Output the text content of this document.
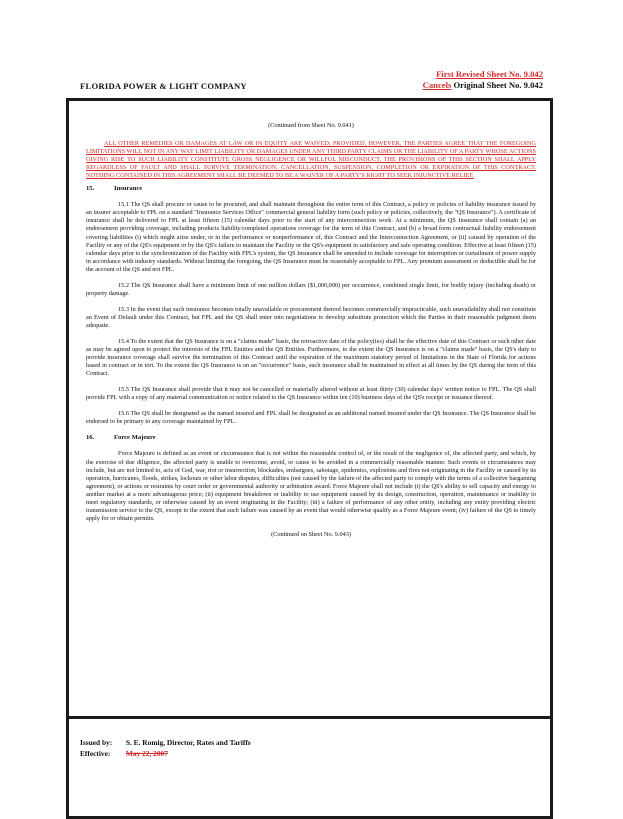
FLORIDA POWER & LIGHT COMPANY
First Revised Sheet No. 9.042
Cancels Original Sheet No. 9.042

(Continued from Sheet No. 9.041)

ALL OTHER REMEDIES OR DAMAGES AT LAW OR IN EQUITY ARE WAIVED; PROVIDED, HOWEVER, THE PARTIES AGREE THAT THE FOREGOING LIMITATIONS WILL NOT IN ANY WAY LIMIT LIABILITY OR DAMAGES UNDER ANY THIRD PARTY CLAIMS OR THE LIABILITY OF A PARTY WHOSE ACTIONS GIVING RISE TO SUCH LIABILITY CONSTITUTE GROSS NEGLIGENCE OR WILLFUL MISCONDUCT. THE PROVISIONS OF THIS SECTION SHALL APPLY REGARDLESS OF FAULT AND SHALL SURVIVE TERMINATION, CANCELLATION, SUSPENSION, COMPLETION OR EXPIRATION OF THIS CONTRACT. NOTHING CONTAINED IN THIS AGREEMENT SHALL BE DEEMED TO BE A WAIVER OF A PARTY'S RIGHT TO SEEK INJUNCTIVE RELIEF.

15.	Insurance

15.1 The QS shall procure or cause to be procured, and shall maintain throughout the entire term of this Contract, a policy or policies of liability insurance issued by an insurer acceptable to FPL on a standard "Insurance Services Office" commercial general liability form (such policy or policies, collectively, the "QS Insurance"). A certificate of insurance shall be delivered to FPL at least fifteen (15) calendar days prior to the start of any interconnection work. At a minimum, the QS Insurance shall contain (a) an endorsement providing coverage, including products liability/completed operations coverage for the term of this Contract, and (b) a broad form contractual liability endorsement covering liabilities (i) which might arise under, or in the performance or nonperformance of, this Contract and the Interconnection Agreement, or (ii) caused by operation of the Facility or any of the QS's equipment or by the QS's failure to maintain the Facility or the QS's equipment in satisfactory and safe operating condition. Effective at least fifteen (15) calendar days prior to the synchronization of the Facility with FPL's system, the QS Insurance shall be amended to include coverage for interruption or curtailment of power supply in accordance with industry standards. Without limiting the foregoing, the QS Insurance must be reasonably acceptable to FPL. Any premium assessment or deductible shall be for the account of the QS and not FPL.

15.2 The QS Insurance shall have a minimum limit of one million dollars ($1,000,000) per occurrence, combined single limit, for bodily injury (including death) or property damage.

15.3 In the event that such insurance becomes totally unavailable or procurement thereof becomes commercially impracticable, such unavailability shall not constitute an Event of Default under this Contract, but FPL and the QS shall enter into negotiations to develop substitute protection which the Parties in their reasonable judgment deem adequate.

15.4 To the extent that the QS Insurance is on a "claims made" basis, the retroactive date of the policy(ies) shall be the effective date of this Contract or such other date as may be agreed upon to protect the interests of the FPL Entities and the QS Entities. Furthermore, to the extent the QS Insurance is on a "claims made" basis, the QS's duty to provide insurance coverage shall survive the termination of this Contract until the expiration of the maximum statutory period of limitations in the State of Florida for actions based in contract or in tort. To the extent the QS Insurance is on an "occurrence" basis, such insurance shall be maintained in effect at all times by the QS during the term of this Contract.

15.5 The QS Insurance shall provide that it may not be cancelled or materially altered without at least thirty (30) calendar days' written notice to FPL. The QS shall provide FPL with a copy of any material communication or notice related to the QS Insurance within ten (10) business days of the QS's receipt or issuance thereof.

15.6 The QS shall be designated as the named insured and FPL shall be designated as an additional named insured under the QS Insurance. The QS Insurance shall be endorsed to be primary to any coverage maintained by FPL.

16.	Force Majeure

Force Majeure is defined as an event or circumstance that is not within the reasonable control of, or the result of the negligence of, the affected party, and which, by the exercise of due diligence, the affected party is unable to overcome, avoid, or cause to be avoided in a commercially reasonable manner. Such events or circumstances may include, but are not limited to, acts of God, war, riot or insurrection, blockades, embargoes, sabotage, epidemics, explosions and fires not originating in the Facility or caused by its operation, hurricanes, floods, strikes, lockouts or other labor disputes, difficulties (not caused by the failure of the affected party to comply with the terms of a collective bargaining agreement), or actions or restraints by court order or governmental authority or arbitration award. Force Majeure shall not include (i) the QS's ability to sell capacity and energy to another market at a more advantageous price; (ii) equipment breakdown or inability to use equipment caused by its design, construction, operation, maintenance or inability to meet regulatory standards, or otherwise caused by an event originating in the Facility; (iii) a failure of performance of any other entity, including any entity providing electric transmission service to the QS, except to the extent that such failure was caused by an event that would otherwise qualify as a Force Majeure event; (iv) failure of the QS to timely apply for or obtain permits.

(Continued on Sheet No. 9.043)

Issued by: S. E. Romig, Director, Rates and Tariffs
Effective: May 22, 2007
